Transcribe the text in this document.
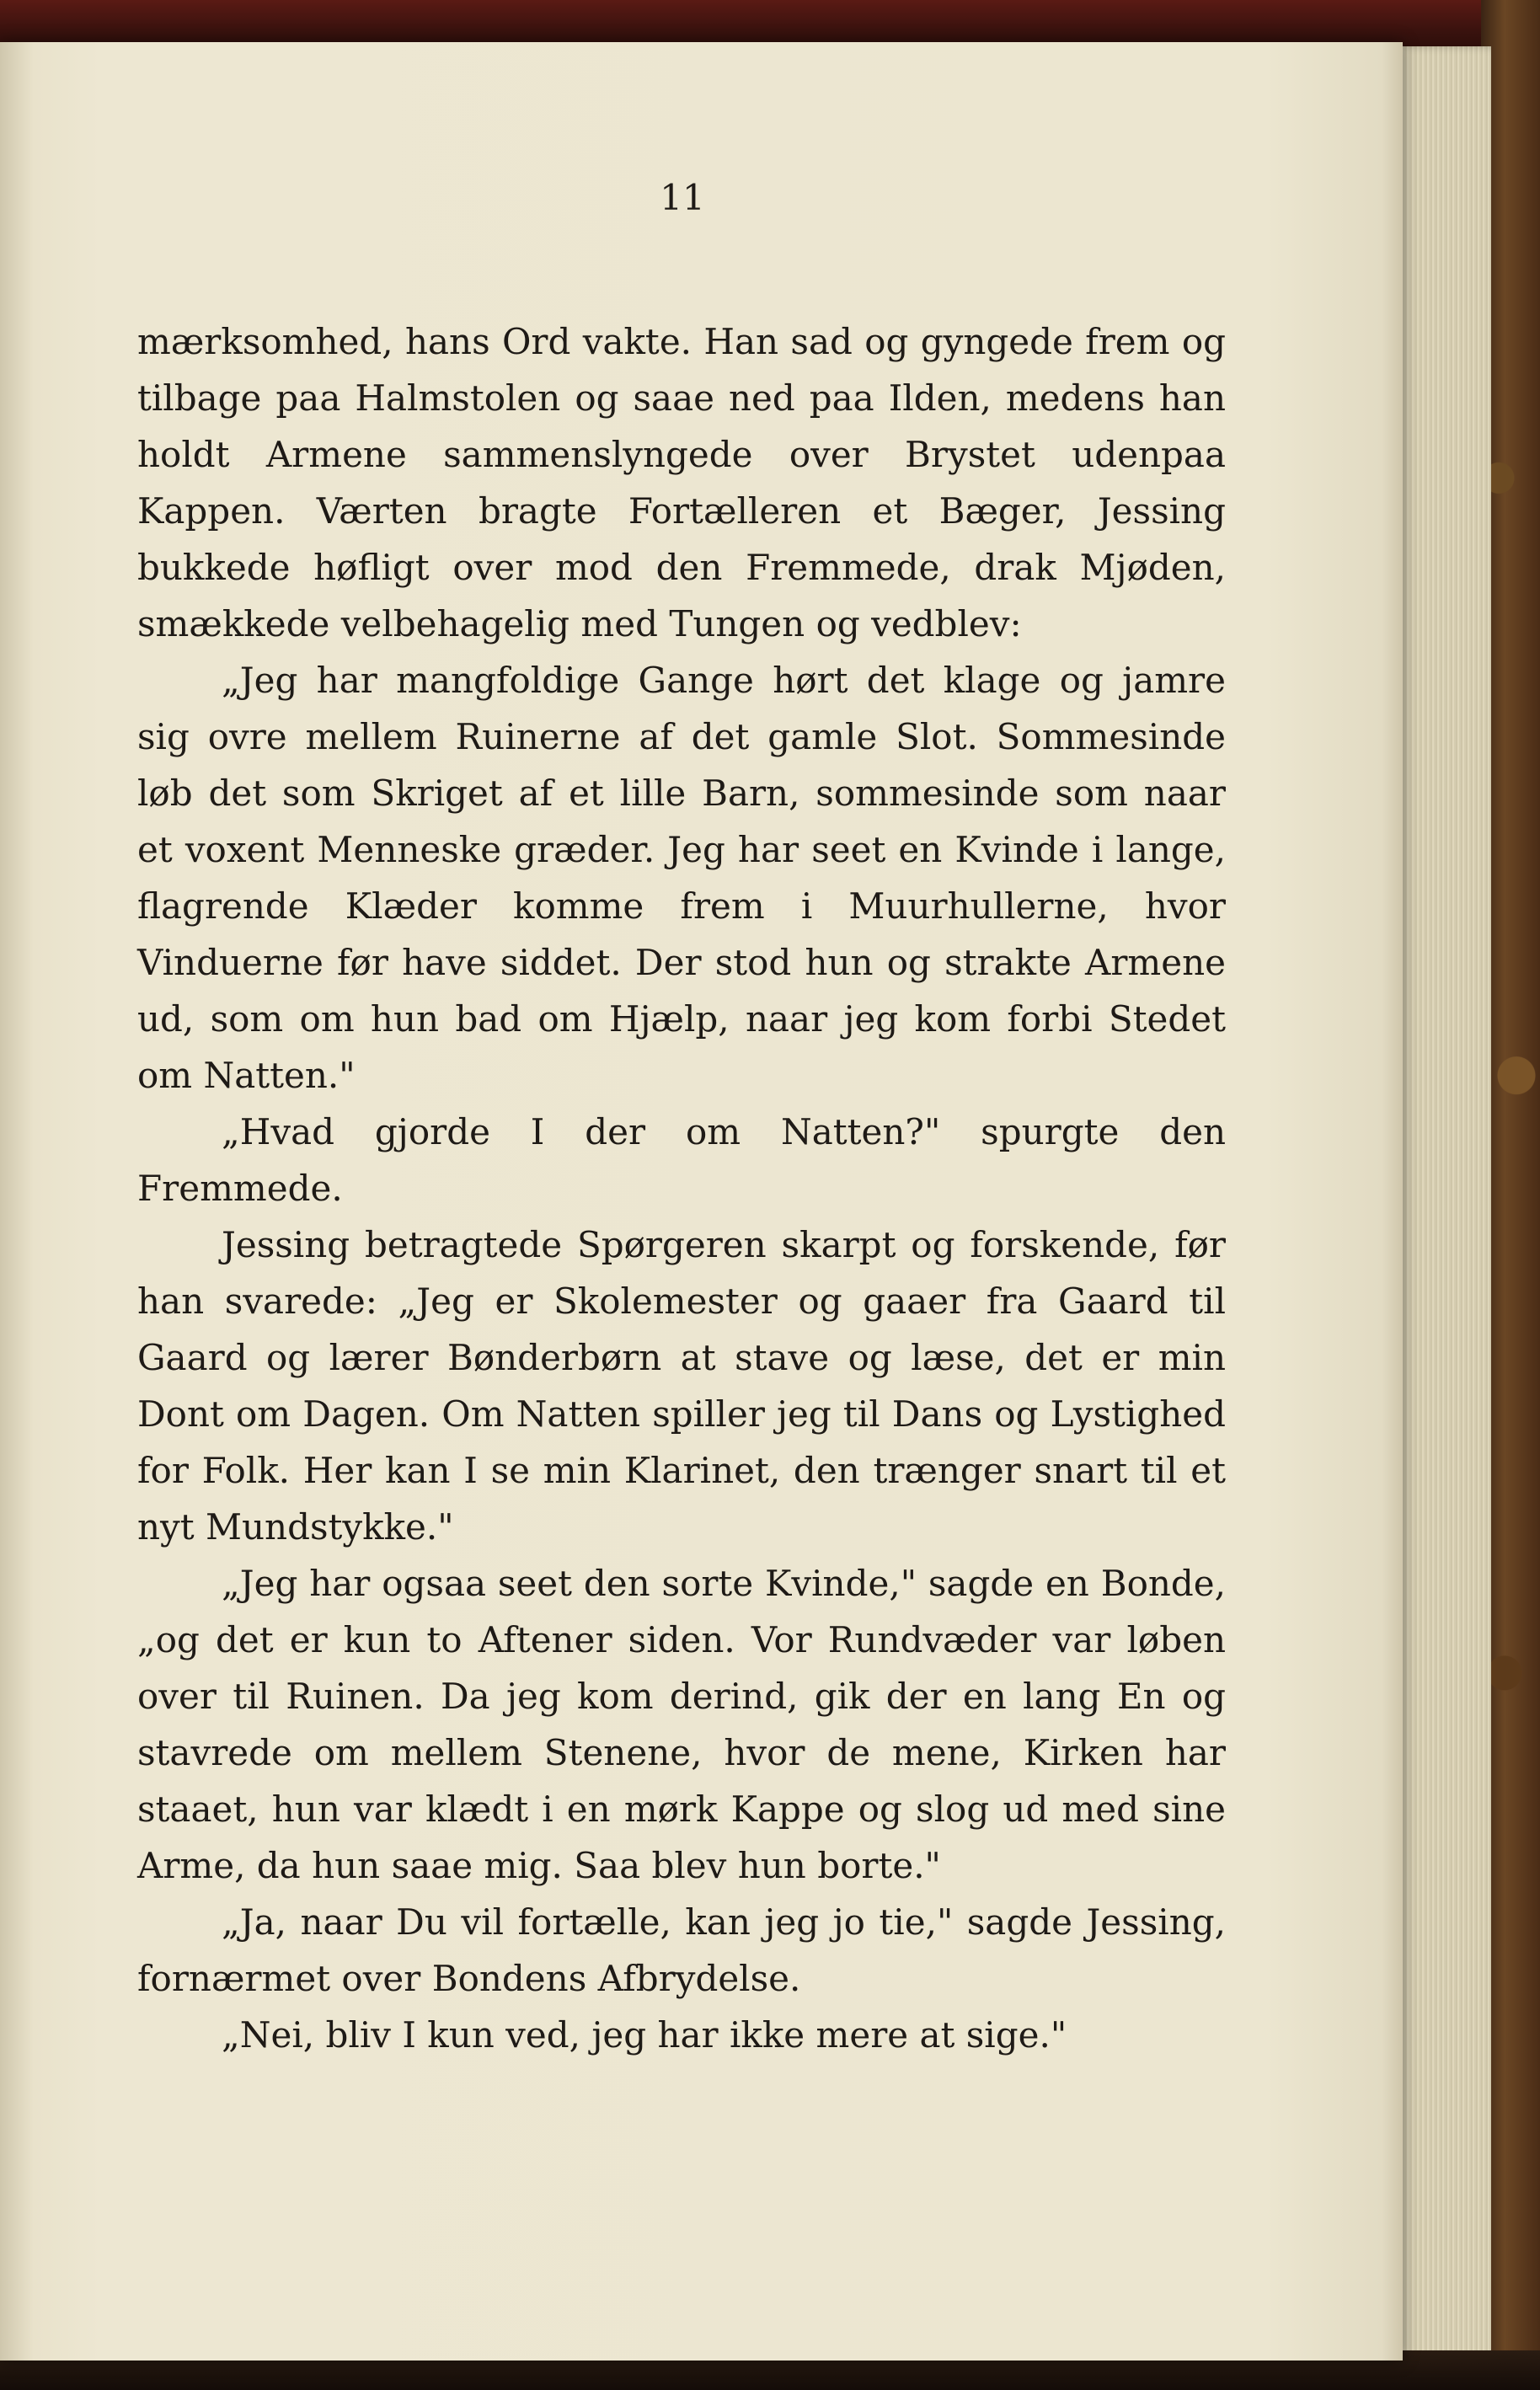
11

mærksomhed, hans Ord vakte. Han sad og gyngede frem og tilbage paa Halmstolen og saae ned paa Ilden, medens han holdt Armene sammenslyngede over Brystet udenpaa Kappen. Værten bragte Fortælleren et Bæger, Jessing bukkede høfligt over mod den Fremmede, drak Mjøden, smækkede velbehagelig med Tungen og vedblev:

„Jeg har mangfoldige Gange hørt det klage og jamre sig ovre mellem Ruinerne af det gamle Slot. Sommesinde løb det som Skriget af et lille Barn, sommesinde som naar et voxent Menneske græder. Jeg har seet en Kvinde i lange, flagrende Klæder komme frem i Muurhullerne, hvor Vinduerne før have siddet. Der stod hun og strakte Armene ud, som om hun bad om Hjælp, naar jeg kom forbi Stedet om Natten."

„Hvad gjorde I der om Natten?" spurgte den Fremmede.

Jessing betragtede Spørgeren skarpt og forskende, før han svarede: „Jeg er Skolemester og gaaer fra Gaard til Gaard og lærer Bønderbørn at stave og læse, det er min Dont om Dagen. Om Natten spiller jeg til Dans og Lystighed for Folk. Her kan I se min Klarinet, den trænger snart til et nyt Mundstykke."

„Jeg har ogsaa seet den sorte Kvinde," sagde en Bonde, „og det er kun to Aftener siden. Vor Rundvæder var løben over til Ruinen. Da jeg kom derind, gik der en lang En og stavrede om mellem Stenene, hvor de mene, Kirken har staaet, hun var klædt i en mørk Kappe og slog ud med sine Arme, da hun saae mig. Saa blev hun borte."

„Ja, naar Du vil fortælle, kan jeg jo tie," sagde Jessing, fornærmet over Bondens Afbrydelse.

„Nei, bliv I kun ved, jeg har ikke mere at sige."
